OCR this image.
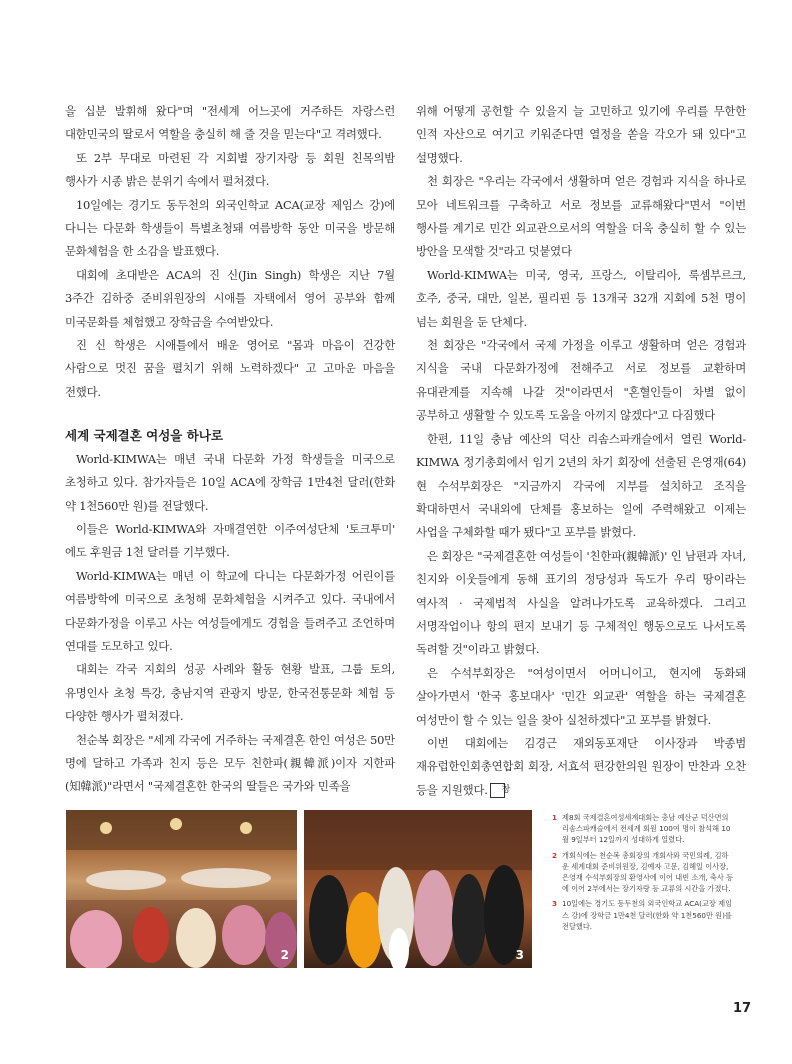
을 십분 발휘해 왔다"며 "전세계 어느곳에 거주하든 자랑스런 대한민국의 딸로서 역할을 충실히 해 줄 것을 믿는다"고 격려했다.

또 2부 무대로 마련된 각 지회별 장기자랑 등 회원 친목의밤 행사가 시종 밝은 분위기 속에서 펼쳐졌다.

10일에는 경기도 동두천의 외국인학교 ACA(교장 제임스 강)에 다니는 다문화 학생들이 특별초청돼 여름방학 동안 미국을 방문해 문화체험을 한 소감을 발표했다.

대회에 초대받은 ACA의 진 신(Jin Singh) 학생은 지난 7월 3주간 김하중 준비위원장의 시애틀 자택에서 영어 공부와 함께 미국문화를 체험했고 장학금을 수여받았다.

진 신 학생은 시애틀에서 배운 영어로 "몸과 마음이 건강한 사람으로 멋진 꿈을 펼치기 위해 노력하겠다" 고 고마운 마음을 전했다.

세계 국제결혼 여성을 하나로

World-KIMWA는 매년 국내 다문화 가정 학생들을 미국으로 초청하고 있다. 참가자들은 10일 ACA에 장학금 1만4천 달러(한화 약 1천560만 원)를 전달했다.

이들은 World-KIMWA와 자매결연한 이주여성단체 '토크투미' 에도 후원금 1천 달러를 기부했다.

World-KIMWA는 매년 이 학교에 다니는 다문화가정 어린이를 여름방학에 미국으로 초청해 문화체험을 시켜주고 있다. 국내에서 다문화가정을 이루고 사는 여성들에게도 경험을 들려주고 조언하며 연대를 도모하고 있다.

대회는 각국 지회의 성공 사례와 활동 현황 발표, 그룹 토의, 유명인사 초청 특강, 충남지역 관광지 방문, 한국전통문화 체험 등 다양한 행사가 펼쳐졌다.

천순복 회장은 "세계 각국에 거주하는 국제결혼 한인 여성은 50만 명에 달하고 가족과 친지 등은 모두 친한파(親韓派)이자 지한파(知韓派)"라면서 "국제결혼한 한국의 딸들은 국가와 민족을

위해 어떻게 공헌할 수 있을지 늘 고민하고 있기에 우리를 무한한 인적 자산으로 여기고 키워준다면 열정을 쏟을 각오가 돼 있다"고 설명했다.

천 회장은 "우리는 각국에서 생활하며 얻은 경험과 지식을 하나로 모아 네트워크를 구축하고 서로 정보를 교류해왔다"면서 "이번 행사를 계기로 민간 외교관으로서의 역할을 더욱 충실히 할 수 있는 방안을 모색할 것"라고 덧붙였다

World-KIMWA는 미국, 영국, 프랑스, 이탈리아, 룩셈부르크, 호주, 중국, 대만, 일본, 필리핀 등 13개국 32개 지회에 5천 명이 넘는 회원을 둔 단체다.

천 회장은 "각국에서 국제 가정을 이루고 생활하며 얻은 경험과 지식을 국내 다문화가정에 전해주고 서로 정보를 교환하며 유대관계를 지속해 나갈 것"이라면서 "혼혈인들이 차별 없이 공부하고 생활할 수 있도록 도움을 아끼지 않겠다"고 다짐했다

한편, 11일 충남 예산의 덕산 리솜스파캐슬에서 열린 World-KIMWA 정기총회에서 임기 2년의 차기 회장에 선출된 은영재(64) 현 수석부회장은 "지금까지 각국에 지부를 설치하고 조직을 확대하면서 국내외에 단체를 홍보하는 일에 주력해왔고 이제는 사업을 구체화할 때가 됐다"고 포부를 밝혔다.

은 회장은 "국제결혼한 여성들이 '친한파(親韓派)' 인 남편과 자녀, 친지와 이웃들에게 동해 표기의 정당성과 독도가 우리 땅이라는 역사적 · 국제법적 사실을 알려나가도록 교육하겠다. 그리고 서명작업이나 항의 편지 보내기 등 구체적인 행동으로도 나서도록 독려할 것"이라고 밝혔다.

은 수석부회장은 "여성이면서 어머니이고, 현지에 동화돼 살아가면서 '한국 홍보대사' '민간 외교관' 역할을 하는 국제결혼 여성만이 할 수 있는 일을 찾아 실천하겠다"고 포부를 밝혔다.

이번 대회에는 김경근 재외동포재단 이사장과 박종범 재유럽한인회총연합회 회장, 서효석 편강한의원 원장이 만찬과 오찬 등을 지원했다. 창

2	3
1 제8회 국제결혼여성세계대회는 충남 예산군 덕산면의 리솜스파캐슬에서 전세계 회원 100여 명이 참석해 10월 9일부터 12일까지 성대하게 열렸다.
2 개회식에는 천순복 총회장의 개회사와 국민의례, 김하운 세계대회 준비위원장, 김예자 고문, 김혜일 이사장, 은영재 수석부회장의 환영사에 이어 내빈 소개, 축사 등에 이어 2부에서는 장기자랑 등 교류의 시간을 가졌다.
3 10일에는 경기도 동두천의 외국인학교 ACA(교장 제임스 강)에 장학금 1만4천 달러(한화 약 1천560만 원)를 전달했다.
17
